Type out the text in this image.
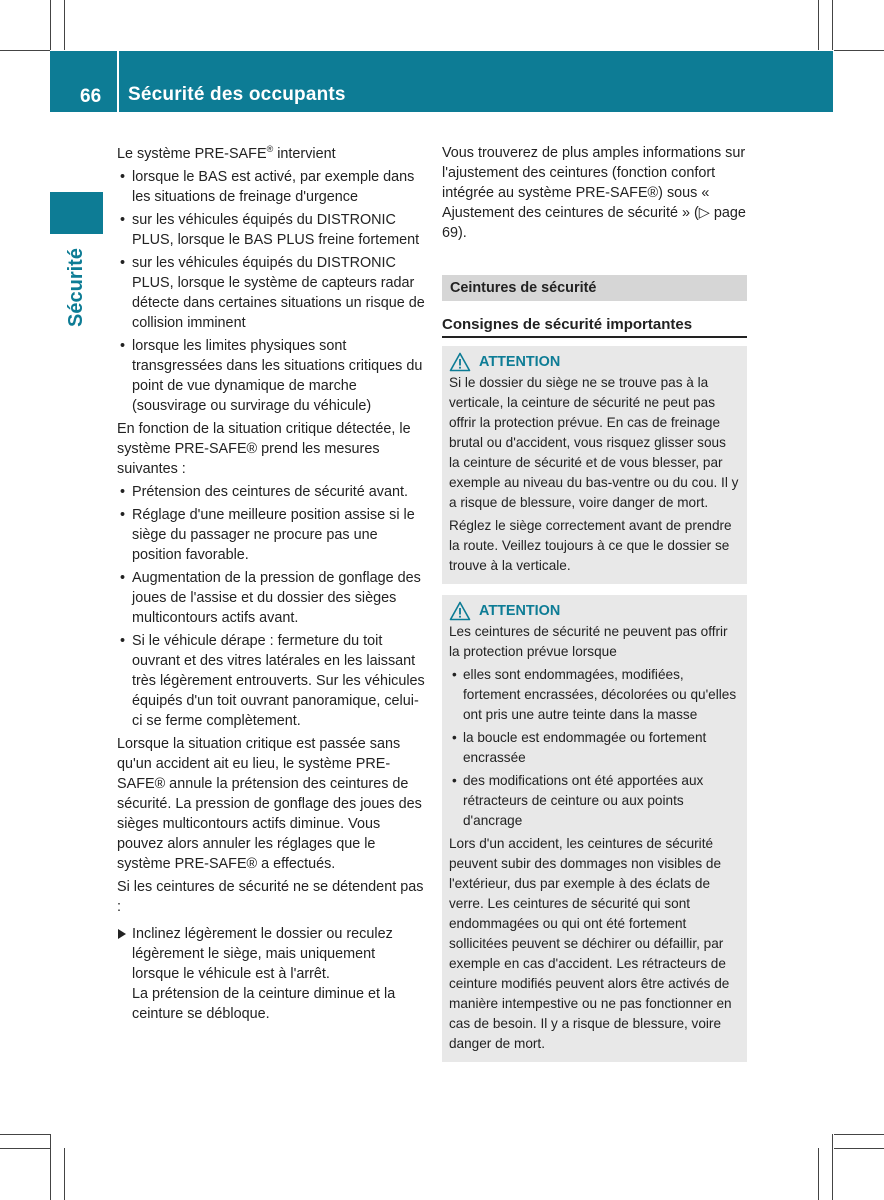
66 Sécurité des occupants
Sécurité

Le système PRE-SAFE® intervient

• lorsque le BAS est activé, par exemple dans les situations de freinage d'urgence
• sur les véhicules équipés du DISTRONIC PLUS, lorsque le BAS PLUS freine fortement
• sur les véhicules équipés du DISTRONIC PLUS, lorsque le système de capteurs radar détecte dans certaines situations un risque de collision imminent
• lorsque les limites physiques sont transgressées dans les situations critiques du point de vue dynamique de marche (sousvirage ou survirage du véhicule)

En fonction de la situation critique détectée, le système PRE-SAFE® prend les mesures suivantes :

• Prétension des ceintures de sécurité avant.
• Réglage d'une meilleure position assise si le siège du passager ne procure pas une position favorable.
• Augmentation de la pression de gonflage des joues de l'assise et du dossier des sièges multicontours actifs avant.
• Si le véhicule dérape : fermeture du toit ouvrant et des vitres latérales en les laissant très légèrement entrouverts. Sur les véhicules équipés d'un toit ouvrant panoramique, celui-ci se ferme complètement.

Lorsque la situation critique est passée sans qu'un accident ait eu lieu, le système PRE-SAFE® annule la prétension des ceintures de sécurité. La pression de gonflage des joues des sièges multicontours actifs diminue. Vous pouvez alors annuler les réglages que le système PRE-SAFE® a effectués.

Si les ceintures de sécurité ne se détendent pas :

Inclinez légèrement le dossier ou reculez légèrement le siège, mais uniquement lorsque le véhicule est à l'arrêt.
La prétension de la ceinture diminue et la ceinture se débloque.

Vous trouverez de plus amples informations sur l'ajustement des ceintures (fonction confort intégrée au système PRE-SAFE®) sous « Ajustement des ceintures de sécurité » (▷ page 69).

Ceintures de sécurité
Consignes de sécurité importantes
ATTENTION

Si le dossier du siège ne se trouve pas à la verticale, la ceinture de sécurité ne peut pas offrir la protection prévue. En cas de freinage brutal ou d'accident, vous risquez glisser sous la ceinture de sécurité et de vous blesser, par exemple au niveau du bas-ventre ou du cou. Il y a risque de blessure, voire danger de mort.

Réglez le siège correctement avant de prendre la route. Veillez toujours à ce que le dossier se trouve à la verticale.

ATTENTION

Les ceintures de sécurité ne peuvent pas offrir la protection prévue lorsque

• elles sont endommagées, modifiées, fortement encrassées, décolorées ou qu'elles ont pris une autre teinte dans la masse
• la boucle est endommagée ou fortement encrassée
• des modifications ont été apportées aux rétracteurs de ceinture ou aux points d'ancrage

Lors d'un accident, les ceintures de sécurité peuvent subir des dommages non visibles de l'extérieur, dus par exemple à des éclats de verre. Les ceintures de sécurité qui sont endommagées ou qui ont été fortement sollicitées peuvent se déchirer ou défaillir, par exemple en cas d'accident. Les rétracteurs de ceinture modifiés peuvent alors être activés de manière intempestive ou ne pas fonctionner en cas de besoin. Il y a risque de blessure, voire danger de mort.
